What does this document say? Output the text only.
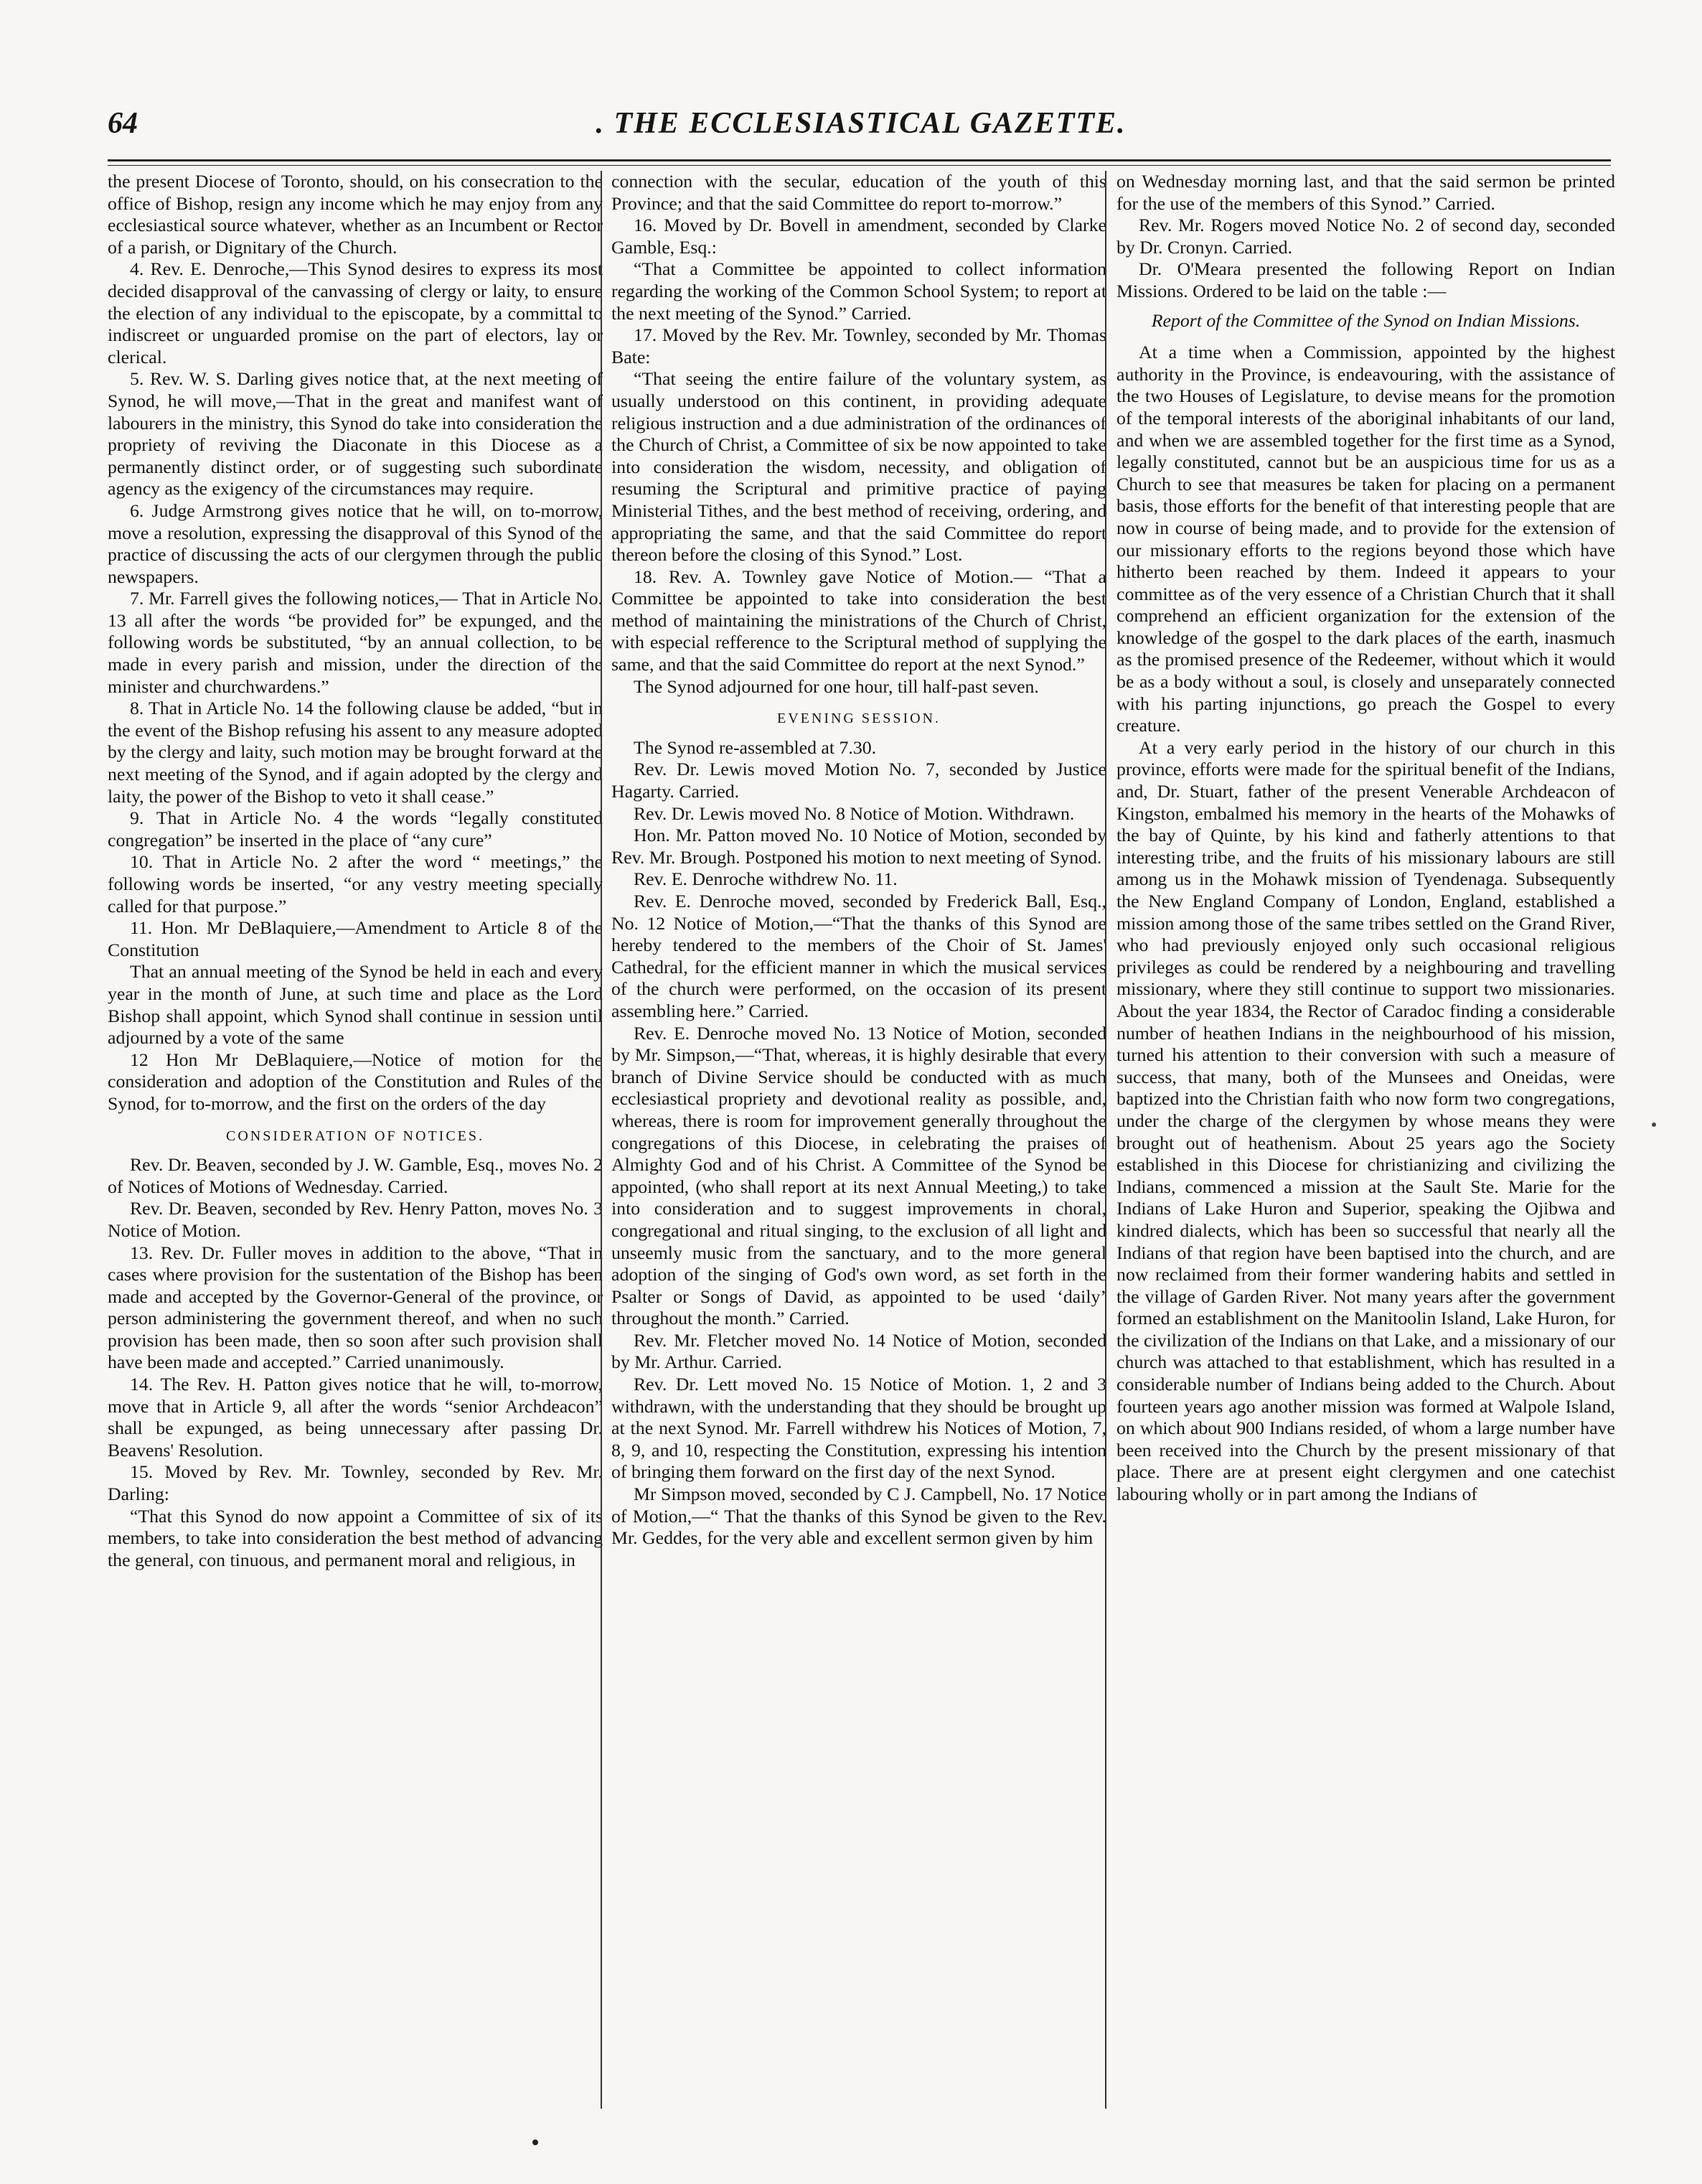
64	. THE ECCLESIASTICAL GAZETTE.

the present Diocese of Toronto, should, on his consecration to the office of Bishop, resign any income which he may enjoy from any ecclesiastical source whatever, whether as an Incumbent or Rector of a parish, or Dignitary of the Church.

4. Rev. E. Denroche,—This Synod desires to express its most decided disapproval of the canvassing of clergy or laity, to ensure the election of any individual to the episcopate, by a committal to indiscreet or unguarded promise on the part of electors, lay or clerical.

5. Rev. W. S. Darling gives notice that, at the next meeting of Synod, he will move,—That in the great and manifest want of labourers in the ministry, this Synod do take into consideration the propriety of reviving the Diaconate in this Diocese as a permanently distinct order, or of suggesting such subordinate agency as the exigency of the circumstances may require.

6. Judge Armstrong gives notice that he will, on to-morrow, move a resolution, expressing the disapproval of this Synod of the practice of discussing the acts of our clergymen through the public newspapers.

7. Mr. Farrell gives the following notices,— That in Article No. 13 all after the words “be provided for” be expunged, and the following words be substituted, “by an annual collection, to be made in every parish and mission, under the direction of the minister and churchwardens.”

8. That in Article No. 14 the following clause be added, “but in the event of the Bishop refusing his assent to any measure adopted by the clergy and laity, such motion may be brought forward at the next meeting of the Synod, and if again adopted by the clergy and laity, the power of the Bishop to veto it shall cease.”

9. That in Article No. 4 the words “legally constituted congregation” be inserted in the place of “any cure”

10. That in Article No. 2 after the word “ meetings,” the following words be inserted, “or any vestry meeting specially called for that purpose.”

11. Hon. Mr DeBlaquiere,—Amendment to Article 8 of the Constitution

That an annual meeting of the Synod be held in each and every year in the month of June, at such time and place as the Lord Bishop shall appoint, which Synod shall continue in session until adjourned by a vote of the same

12 Hon Mr DeBlaquiere,—Notice of motion for the consideration and adoption of the Constitution and Rules of the Synod, for to-morrow, and the first on the orders of the day

CONSIDERATION OF NOTICES.

Rev. Dr. Beaven, seconded by J. W. Gamble, Esq., moves No. 2 of Notices of Motions of Wednesday. Carried.

Rev. Dr. Beaven, seconded by Rev. Henry Patton, moves No. 3 Notice of Motion.

13. Rev. Dr. Fuller moves in addition to the above, “That in cases where provision for the sustentation of the Bishop has been made and accepted by the Governor-General of the province, or person administering the government thereof, and when no such provision has been made, then so soon after such provision shall have been made and accepted.” Carried unanimously.

14. The Rev. H. Patton gives notice that he will, to-morrow, move that in Article 9, all after the words “senior Archdeacon” shall be expunged, as being unnecessary after passing Dr. Beavens' Resolution.

15. Moved by Rev. Mr. Townley, seconded by Rev. Mr. Darling:

“That this Synod do now appoint a Committee of six of its members, to take into consideration the best method of advancing the general, con tinuous, and permanent moral and religious, in

connection with the secular, education of the youth of this Province; and that the said Committee do report to-morrow.”

16. Moved by Dr. Bovell in amendment, seconded by Clarke Gamble, Esq.:

“That a Committee be appointed to collect information regarding the working of the Common School System; to report at the next meeting of the Synod.” Carried.

17. Moved by the Rev. Mr. Townley, seconded by Mr. Thomas Bate:

“That seeing the entire failure of the voluntary system, as usually understood on this continent, in providing adequate religious instruction and a due administration of the ordinances of the Church of Christ, a Committee of six be now appointed to take into consideration the wisdom, necessity, and obligation of resuming the Scriptural and primitive practice of paying Ministerial Tithes, and the best method of receiving, ordering, and appropriating the same, and that the said Committee do report thereon before the closing of this Synod.” Lost.

18. Rev. A. Townley gave Notice of Motion.— “That a Committee be appointed to take into consideration the best method of maintaining the ministrations of the Church of Christ, with especial refference to the Scriptural method of supplying the same, and that the said Committee do report at the next Synod.”

The Synod adjourned for one hour, till half-past seven.

EVENING SESSION.

The Synod re-assembled at 7.30.

Rev. Dr. Lewis moved Motion No. 7, seconded by Justice Hagarty. Carried.

Rev. Dr. Lewis moved No. 8 Notice of Motion. Withdrawn.

Hon. Mr. Patton moved No. 10 Notice of Motion, seconded by Rev. Mr. Brough. Postponed his motion to next meeting of Synod.

Rev. E. Denroche withdrew No. 11.

Rev. E. Denroche moved, seconded by Frederick Ball, Esq., No. 12 Notice of Motion,—“That the thanks of this Synod are hereby tendered to the members of the Choir of St. James' Cathedral, for the efficient manner in which the musical services of the church were performed, on the occasion of its present assembling here.” Carried.

Rev. E. Denroche moved No. 13 Notice of Motion, seconded by Mr. Simpson,—“That, whereas, it is highly desirable that every branch of Divine Service should be conducted with as much ecclesiastical propriety and devotional reality as possible, and, whereas, there is room for improvement generally throughout the congregations of this Diocese, in celebrating the praises of Almighty God and of his Christ. A Committee of the Synod be appointed, (who shall report at its next Annual Meeting,) to take into consideration and to suggest improvements in choral, congregational and ritual singing, to the exclusion of all light and unseemly music from the sanctuary, and to the more general adoption of the singing of God's own word, as set forth in the Psalter or Songs of David, as appointed to be used ‘daily’ throughout the month.” Carried.

Rev. Mr. Fletcher moved No. 14 Notice of Motion, seconded by Mr. Arthur. Carried.

Rev. Dr. Lett moved No. 15 Notice of Motion. 1, 2 and 3 withdrawn, with the understanding that they should be brought up at the next Synod. Mr. Farrell withdrew his Notices of Motion, 7, 8, 9, and 10, respecting the Constitution, expressing his intention of bringing them forward on the first day of the next Synod.

Mr Simpson moved, seconded by C J. Campbell, No. 17 Notice of Motion,—“ That the thanks of this Synod be given to the Rev. Mr. Geddes, for the very able and excellent sermon given by him

on Wednesday morning last, and that the said sermon be printed for the use of the members of this Synod.” Carried.

Rev. Mr. Rogers moved Notice No. 2 of second day, seconded by Dr. Cronyn. Carried.

Dr. O'Meara presented the following Report on Indian Missions. Ordered to be laid on the table :—

Report of the Committee of the Synod on Indian Missions.

At a time when a Commission, appointed by the highest authority in the Province, is endeavouring, with the assistance of the two Houses of Legislature, to devise means for the promotion of the temporal interests of the aboriginal inhabitants of our land, and when we are assembled together for the first time as a Synod, legally constituted, cannot but be an auspicious time for us as a Church to see that measures be taken for placing on a permanent basis, those efforts for the benefit of that interesting people that are now in course of being made, and to provide for the extension of our missionary efforts to the regions beyond those which have hitherto been reached by them. Indeed it appears to your committee as of the very essence of a Christian Church that it shall comprehend an efficient organization for the extension of the knowledge of the gospel to the dark places of the earth, inasmuch as the promised presence of the Redeemer, without which it would be as a body without a soul, is closely and unseparately connected with his parting injunctions, go preach the Gospel to every creature.

At a very early period in the history of our church in this province, efforts were made for the spiritual benefit of the Indians, and, Dr. Stuart, father of the present Venerable Archdeacon of Kingston, embalmed his memory in the hearts of the Mohawks of the bay of Quinte, by his kind and fatherly attentions to that interesting tribe, and the fruits of his missionary labours are still among us in the Mohawk mission of Tyendenaga. Subsequently the New England Company of London, England, established a mission among those of the same tribes settled on the Grand River, who had previously enjoyed only such occasional religious privileges as could be rendered by a neighbouring and travelling missionary, where they still continue to support two missionaries. About the year 1834, the Rector of Caradoc finding a considerable number of heathen Indians in the neighbourhood of his mission, turned his attention to their conversion with such a measure of success, that many, both of the Munsees and Oneidas, were baptized into the Christian faith who now form two congregations, under the charge of the clergymen by whose means they were brought out of heathenism. About 25 years ago the Society established in this Diocese for christianizing and civilizing the Indians, commenced a mission at the Sault Ste. Marie for the Indians of Lake Huron and Superior, speaking the Ojibwa and kindred dialects, which has been so successful that nearly all the Indians of that region have been baptised into the church, and are now reclaimed from their former wandering habits and settled in the village of Garden River. Not many years after the government formed an establishment on the Manitoolin Island, Lake Huron, for the civilization of the Indians on that Lake, and a missionary of our church was attached to that establishment, which has resulted in a considerable number of Indians being added to the Church. About fourteen years ago another mission was formed at Walpole Island, on which about 900 Indians resided, of whom a large number have been received into the Church by the present missionary of that place. There are at present eight clergymen and one catechist labouring wholly or in part among the Indians of
